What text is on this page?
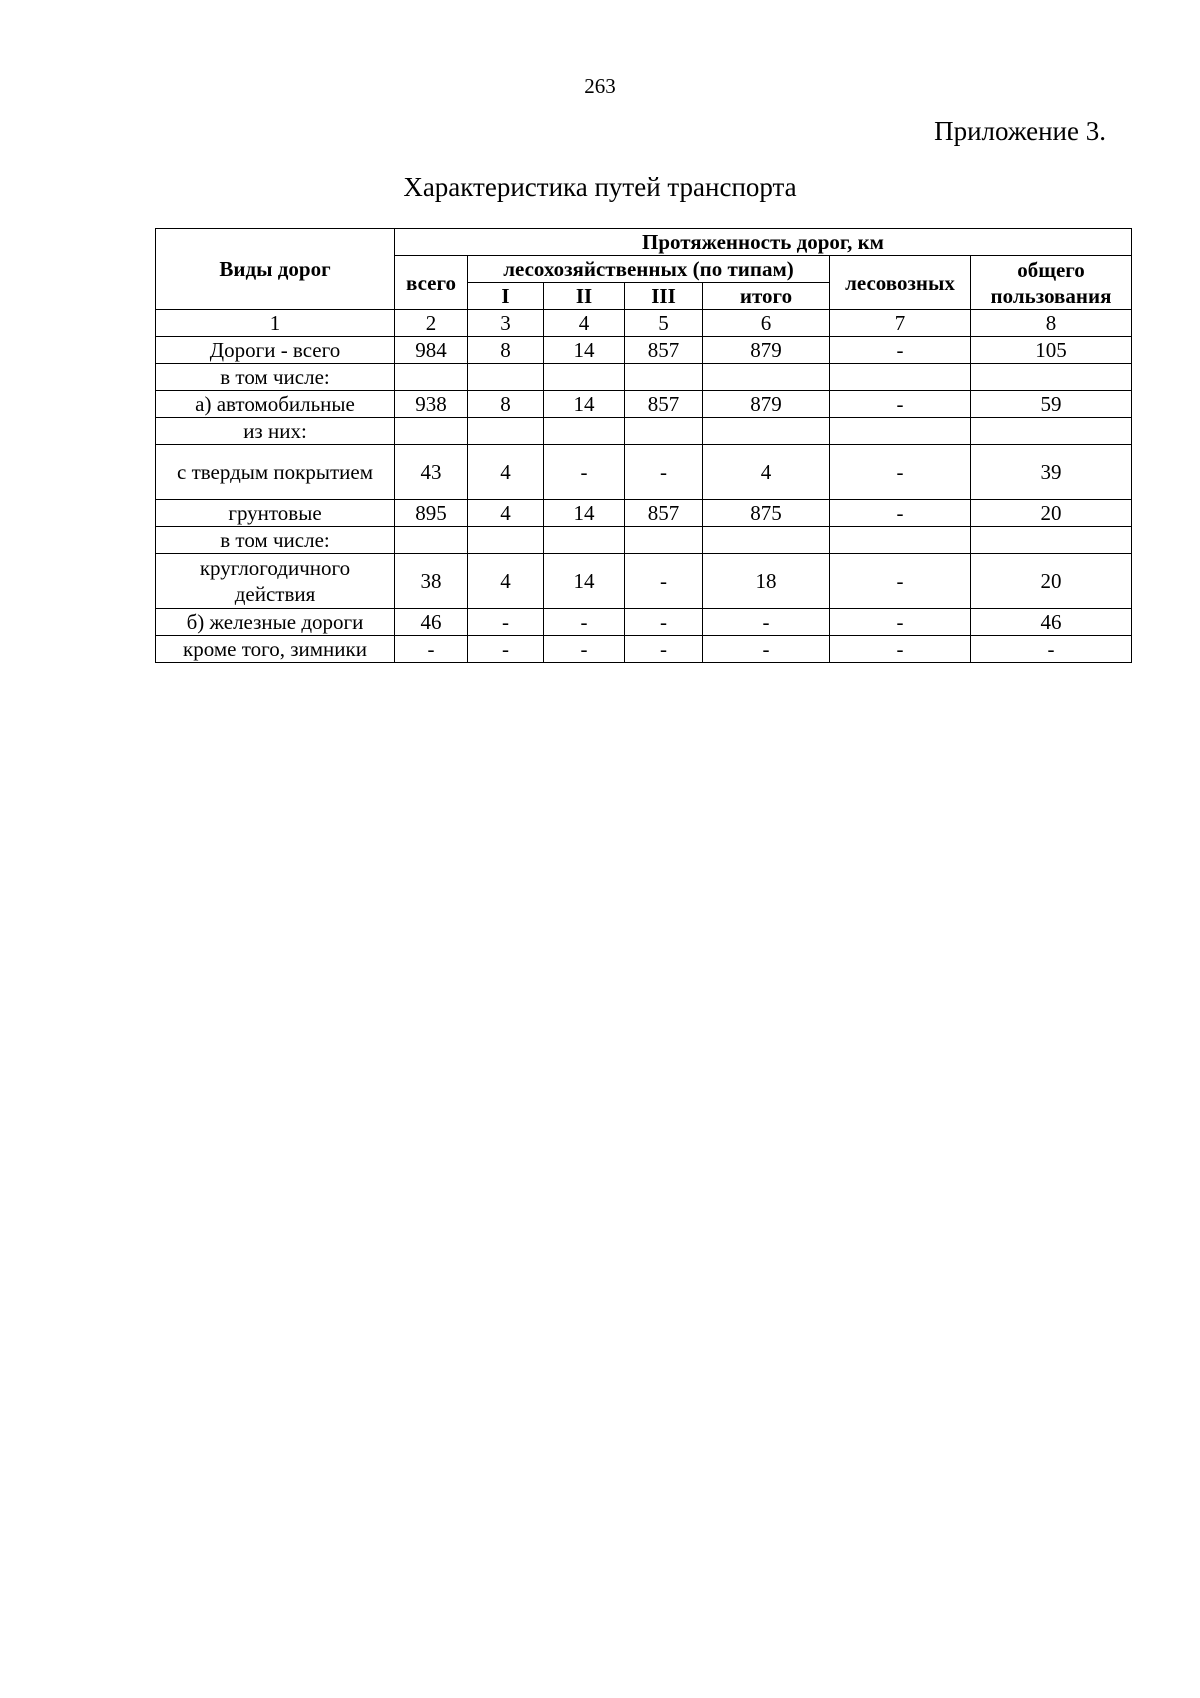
263
Приложение 3.
Характеристика путей транспорта
Виды дорог	Протяженность дорог, км						
	всего	лесохозяйственных (по типам)				лесовозных	общего пользования
		I	II	III	итого		
1	2	3	4	5	6	7	8
Дороги - всего	984	8	14	857	879	-	105
в том числе:							
а) автомобильные	938	8	14	857	879	-	59
из них:							
с твердым покрытием	43	4	-	-	4	-	39
грунтовые	895	4	14	857	875	-	20
в том числе:							
круглогодичного действия	38	4	14	-	18	-	20
б) железные дороги	46	-	-	-	-	-	46
кроме того, зимники	-	-	-	-	-	-	-
